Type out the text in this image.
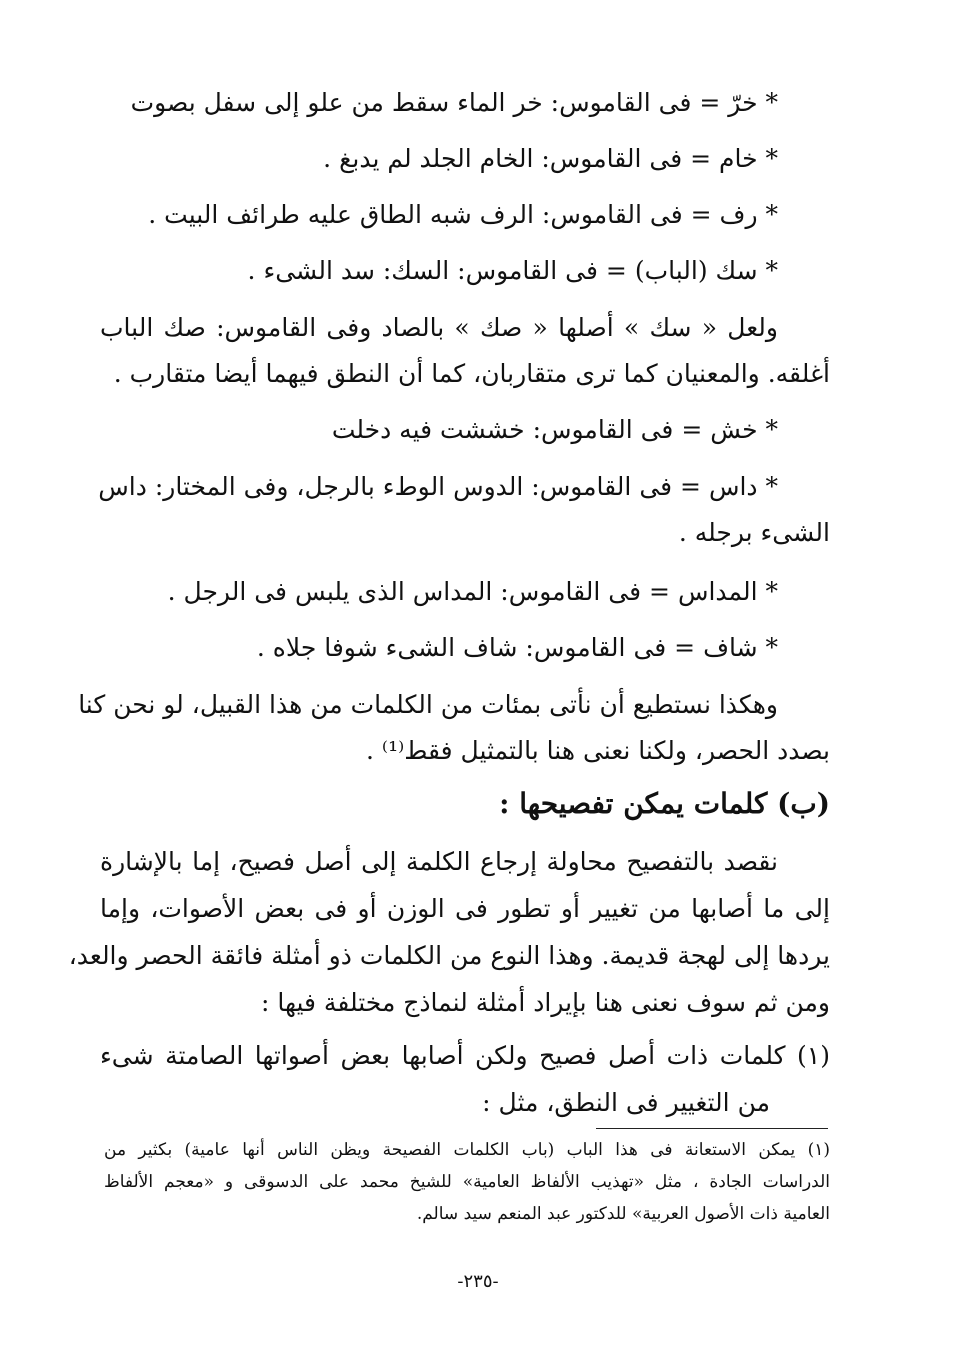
* خرّ = فى القاموس: خر الماء سقط من علو إلى سفل بصوت
* خام = فى القاموس: الخام الجلد لم يدبغ .
* رف = فى القاموس: الرف شبه الطاق عليه طرائف البيت .
* سك (الباب) = فى القاموس: السك: سد الشىء .
ولعل « سك » أصلها « صك » بالصاد وفى القاموس: صك الباب
أغلقه. والمعنيان كما ترى متقاربان، كما أن النطق فيهما أيضا متقارب .
* خش = فى القاموس: خششت فيه دخلت
* داس = فى القاموس: الدوس الوطء بالرجل، وفى المختار: داس
الشىء برجله .
* المداس = فى القاموس: المداس الذى يلبس فى الرجل .
* شاف = فى القاموس: شاف الشىء شوفا جلاه .
وهكذا نستطيع أن نأتى بمئات من الكلمات من هذا القبيل، لو نحن كنا
بصدد الحصر، ولكنا نعنى هنا بالتمثيل فقط⁽¹⁾ .
(ب) كلمات يمكن تفصيحها :
نقصد بالتفصيح محاولة إرجاع الكلمة إلى أصل فصيح، إما بالإشارة
إلى ما أصابها من تغيير أو تطور فى الوزن أو فى بعض الأصوات، وإما
يردها إلى لهجة قديمة. وهذا النوع من الكلمات ذو أمثلة فائقة الحصر والعد،
ومن ثم سوف نعنى هنا بإيراد أمثلة لنماذج مختلفة فيها :
(١) كلمات ذات أصل فصيح ولكن أصابها بعض أصواتها الصامتة شىء
من التغيير فى النطق، مثل :
(١) يمكن الاستعانة فى هذا الباب (باب الكلمات الفصيحة ويظن الناس أنها عامية) بكثير من
الدراسات الجادة ، مثل «تهذيب الألفاظ العامية» للشيخ محمد على الدسوقى و «معجم الألفاظ
العامية ذات الأصول العربية» للدكتور عبد المنعم سيد سالم.
-٢٣٥-
